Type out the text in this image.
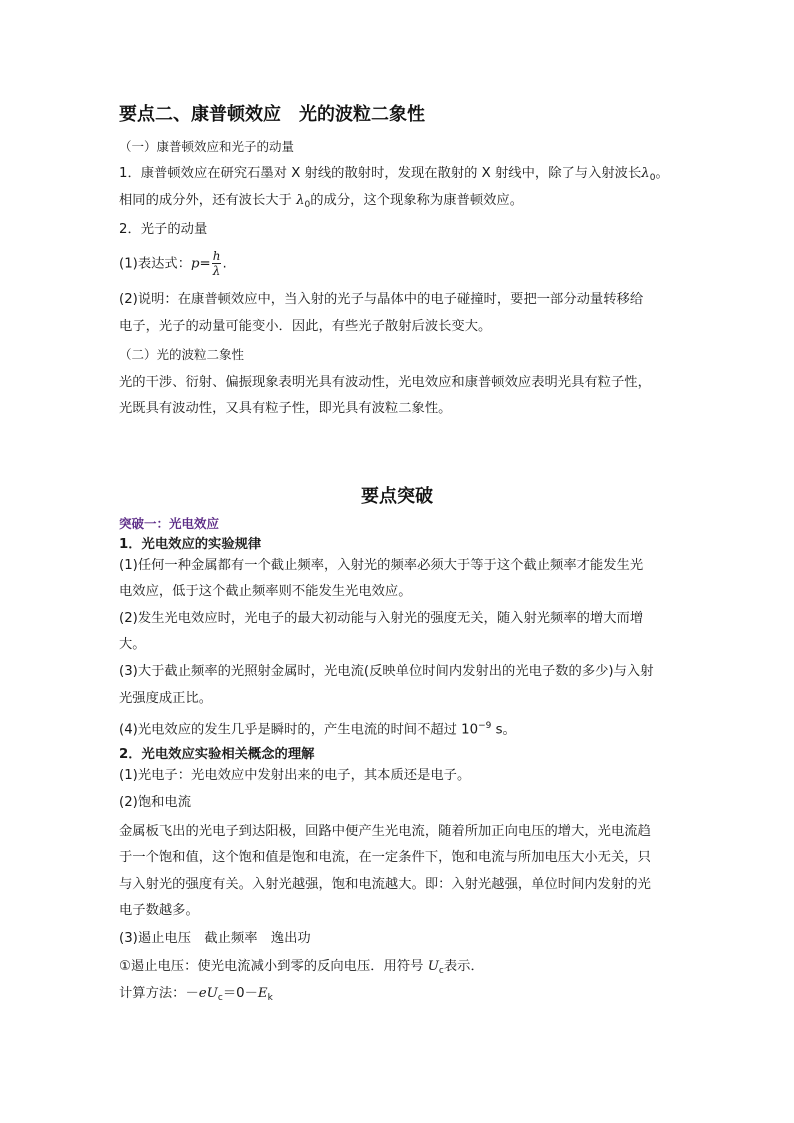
要点二、康普顿效应　光的波粒二象性
（一）康普顿效应和光子的动量
1．康普顿效应在研究石墨对 X 射线的散射时，发现在散射的 X 射线中，除了与入射波长$\lambda_0$。
相同的成分外，还有波长大于 $\lambda_0$的成分，这个现象称为康普顿效应。
2．光子的动量
(1)表达式：$p= \frac{h}{\lambda}$ .
(2)说明：在康普顿效应中，当入射的光子与晶体中的电子碰撞时，要把一部分动量转移给
电子，光子的动量可能变小．因此，有些光子散射后波长变大。
（二）光的波粒二象性
光的干涉、衍射、偏振现象表明光具有波动性，光电效应和康普顿效应表明光具有粒子性，
光既具有波动性，又具有粒子性，即光具有波粒二象性。
要点突破
突破一：光电效应
1．光电效应的实验规律
(1)任何一种金属都有一个截止频率，入射光的频率必须大于等于这个截止频率才能发生光
电效应，低于这个截止频率则不能发生光电效应。
(2)发生光电效应时，光电子的最大初动能与入射光的强度无关，随入射光频率的增大而增
大。
(3)大于截止频率的光照射金属时，光电流(反映单位时间内发射出的光电子数的多少)与入射
光强度成正比。
(4)光电效应的发生几乎是瞬时的，产生电流的时间不超过 $10^{-9}$ s。
2．光电效应实验相关概念的理解
(1)光电子：光电效应中发射出来的电子，其本质还是电子。
(2)饱和电流
金属板飞出的光电子到达阳极，回路中便产生光电流，随着所加正向电压的增大，光电流趋
于一个饱和值，这个饱和值是饱和电流，在一定条件下，饱和电流与所加电压大小无关，只
与入射光的强度有关。入射光越强，饱和电流越大。即：入射光越强，单位时间内发射的光
电子数越多。
(3)遏止电压　截止频率　逸出功
①遏止电压：使光电流减小到零的反向电压．用符号 $U_c$表示．
计算方法：$-eU_c=0-E_k$
